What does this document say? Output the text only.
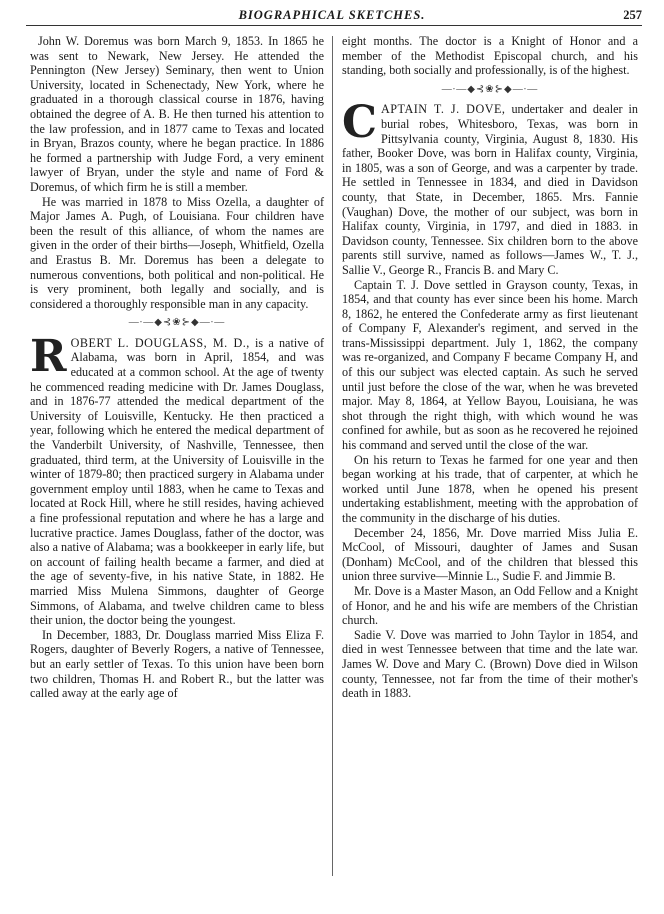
BIOGRAPHICAL SKETCHES.	257

John W. Doremus was born March 9, 1853. In 1865 he was sent to Newark, New Jersey. He attended the Pennington (New Jersey) Seminary, then went to Union University, located in Schenectady, New York, where he graduated in a thorough classical course in 1876, having obtained the degree of A. B. He then turned his attention to the law profession, and in 1877 came to Texas and located in Bryan, Brazos county, where he began practice. In 1886 he formed a partnership with Judge Ford, a very eminent lawyer of Bryan, under the style and name of Ford & Doremus, of which firm he is still a member.

He was married in 1878 to Miss Ozella, a daughter of Major James A. Pugh, of Louisiana. Four children have been the result of this alliance, of whom the names are given in the order of their births—Joseph, Whitfield, Ozella and Erastus B. Mr. Doremus has been a delegate to numerous conventions, both political and non-political. He is very prominent, both legally and socially, and is considered a thoroughly responsible man in any capacity.

—∙—◆⊰❀⊱◆—∙—

ROBERT L. DOUGLASS, M. D., is a native of Alabama, was born in April, 1854, and was educated at a common school. At the age of twenty he commenced reading medicine with Dr. James Douglass, and in 1876-77 attended the medical department of the University of Louisville, Kentucky. He then practiced a year, following which he entered the medical department of the Vanderbilt University, of Nashville, Tennessee, then graduated, third term, at the University of Louisville in the winter of 1879-80; then practiced surgery in Alabama under government employ until 1883, when he came to Texas and located at Rock Hill, where he still resides, having achieved a fine professional reputation and where he has a large and lucrative practice. James Douglass, father of the doctor, was also a native of Alabama; was a bookkeeper in early life, but on account of failing health became a farmer, and died at the age of seventy-five, in his native State, in 1882. He married Miss Mulena Simmons, daughter of George Simmons, of Alabama, and twelve children came to bless their union, the doctor being the youngest.

In December, 1883, Dr. Douglass married Miss Eliza F. Rogers, daughter of Beverly Rogers, a native of Tennessee, but an early settler of Texas. To this union have been born two children, Thomas H. and Robert R., but the latter was called away at the early age of

eight months. The doctor is a Knight of Honor and a member of the Methodist Episcopal church, and his standing, both socially and professionally, is of the highest.

—∙—◆⊰❀⊱◆—∙—

CAPTAIN T. J. DOVE, undertaker and dealer in burial robes, Whitesboro, Texas, was born in Pittsylvania county, Virginia, August 8, 1830. His father, Booker Dove, was born in Halifax county, Virginia, in 1805, was a son of George, and was a carpenter by trade. He settled in Tennessee in 1834, and died in Davidson county, that State, in December, 1865. Mrs. Fannie (Vaughan) Dove, the mother of our subject, was born in Halifax county, Virginia, in 1797, and died in 1883. in Davidson county, Tennessee. Six children born to the above parents still survive, named as follows—James W., T. J., Sallie V., George R., Francis B. and Mary C.

Captain T. J. Dove settled in Grayson county, Texas, in 1854, and that county has ever since been his home. March 8, 1862, he entered the Confederate army as first lieutenant of Company F, Alexander's regiment, and served in the trans-Mississippi department. July 1, 1862, the company was re-organized, and Company F became Company H, and of this our subject was elected captain. As such he served until just before the close of the war, when he was breveted major. May 8, 1864, at Yellow Bayou, Louisiana, he was shot through the right thigh, with which wound he was confined for awhile, but as soon as he recovered he rejoined his command and served until the close of the war.

On his return to Texas he farmed for one year and then began working at his trade, that of carpenter, at which he worked until June 1878, when he opened his present undertaking establishment, meeting with the approbation of the community in the discharge of his duties.

December 24, 1856, Mr. Dove married Miss Julia E. McCool, of Missouri, daughter of James and Susan (Donham) McCool, and of the children that blessed this union three survive—Minnie L., Sudie F. and Jimmie B.

Mr. Dove is a Master Mason, an Odd Fellow and a Knight of Honor, and he and his wife are members of the Christian church.

Sadie V. Dove was married to John Taylor in 1854, and died in west Tennessee between that time and the late war. James W. Dove and Mary C. (Brown) Dove died in Wilson county, Tennessee, not far from the time of their mother's death in 1883.
